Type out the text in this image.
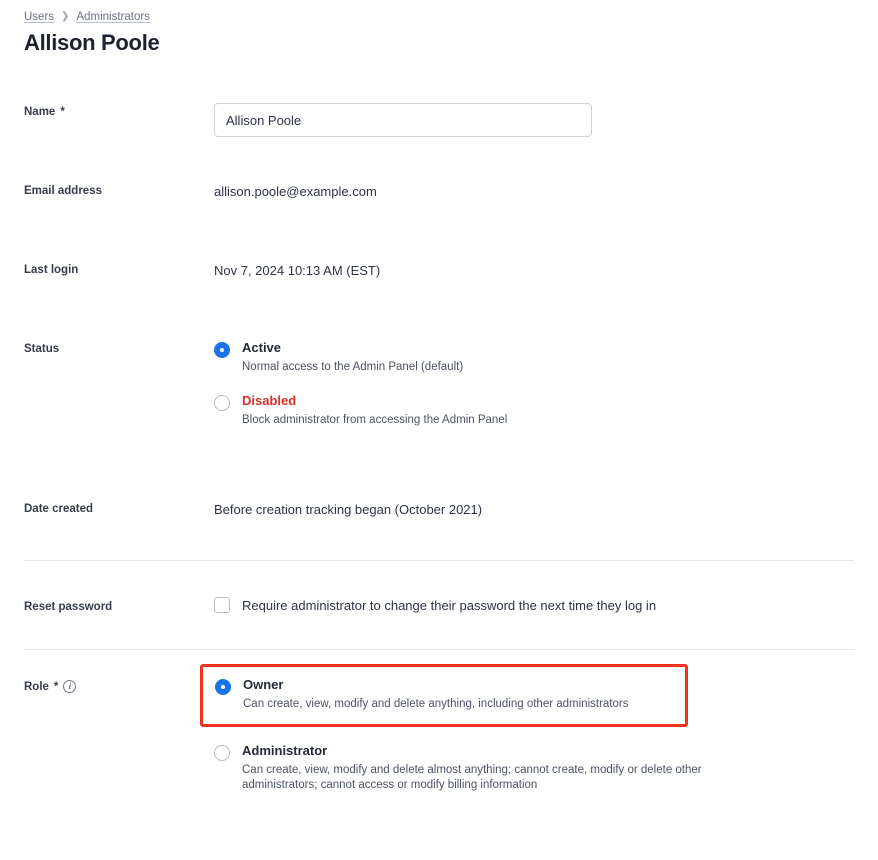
Users ❯ Administrators
Allison Poole
Name *
Allison Poole
Email address	allison.poole@example.com
Last login	Nov 7, 2024 10:13 AM (EST)
Status	Active
Normal access to the Admin Panel (default)
Disabled
Block administrator from accessing the Admin Panel
Date created	Before creation tracking began (October 2021)
Reset password	Require administrator to change their password the next time they log in
Role *	i	Owner
Can create, view, modify and delete anything, including other administrators
Administrator
Can create, view, modify and delete almost anything; cannot create, modify or delete other administrators; cannot access or modify billing information
